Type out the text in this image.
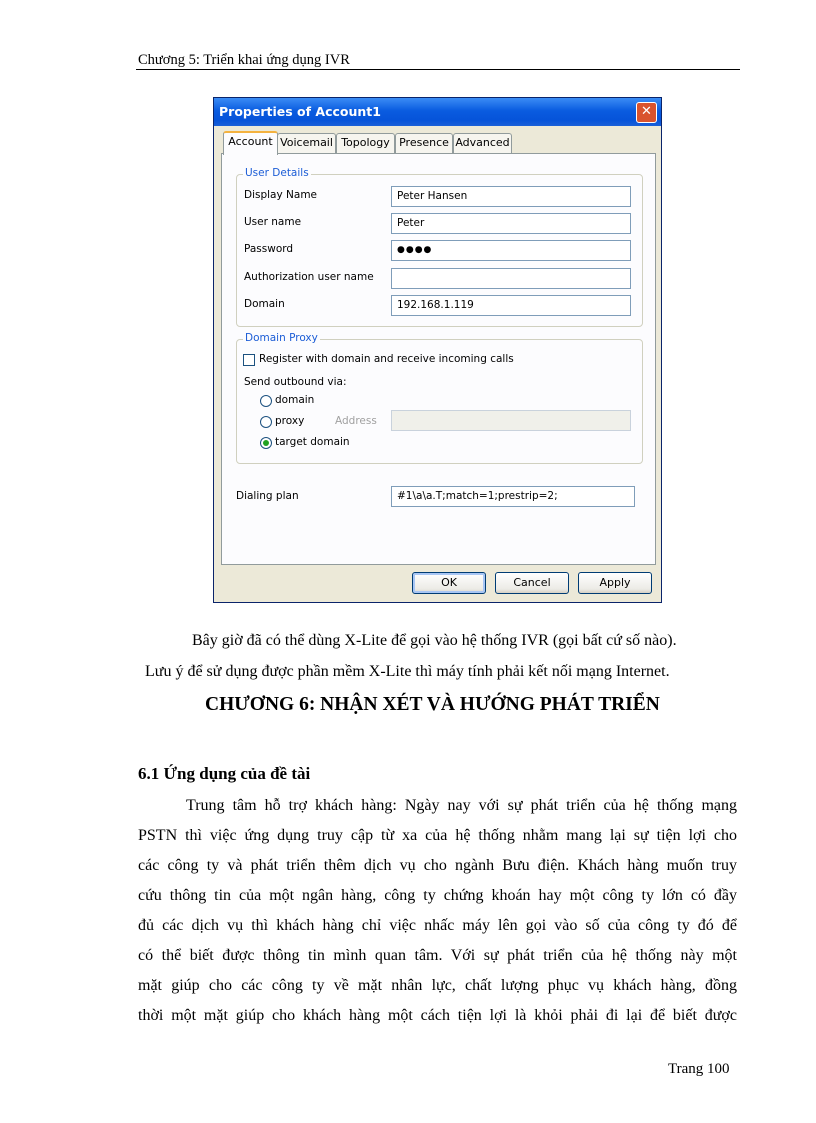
Chương 5: Triển khai ứng dụng IVR
Properties of Account1	✕
Account Voicemail Topology Presence Advanced
User Details
Display Name	Peter Hansen
User name	Peter
Password	●●●●
Authorization user name
Domain	192.168.1.119
Domain Proxy
Register with domain and receive incoming calls
Send outbound via:
domain
proxy	Address
target domain
Dialing plan	#1\a\a.T;match=1;prestrip=2;
OK	Cancel	Apply
Bây giờ đã có thể dùng X-Lite để gọi vào hệ thống IVR (gọi bất cứ số nào).
Lưu ý để sử dụng được phần mềm X-Lite thì máy tính phải kết nối mạng Internet.
CHƯƠNG 6: NHẬN XÉT VÀ HƯỚNG PHÁT TRIỂN
6.1 Ứng dụng của đề tài
Trung tâm hỗ trợ khách hàng: Ngày nay với sự phát triển của hệ thống mạng
PSTN thì việc ứng dụng truy cập từ xa của hệ thống nhằm mang lại sự tiện lợi cho
các công ty và phát triển thêm dịch vụ cho ngành Bưu điện. Khách hàng muốn truy
cứu thông tin của một ngân hàng, công ty chứng khoán hay một công ty lớn có đầy
đủ các dịch vụ thì khách hàng chỉ việc nhấc máy lên gọi vào số của công ty đó để
có thể biết được thông tin mình quan tâm. Với sự phát triển của hệ thống này một
mặt giúp cho các công ty về mặt nhân lực, chất lượng phục vụ khách hàng, đồng
thời một mặt giúp cho khách hàng một cách tiện lợi là khỏi phải đi lại để biết được
Trang 100
